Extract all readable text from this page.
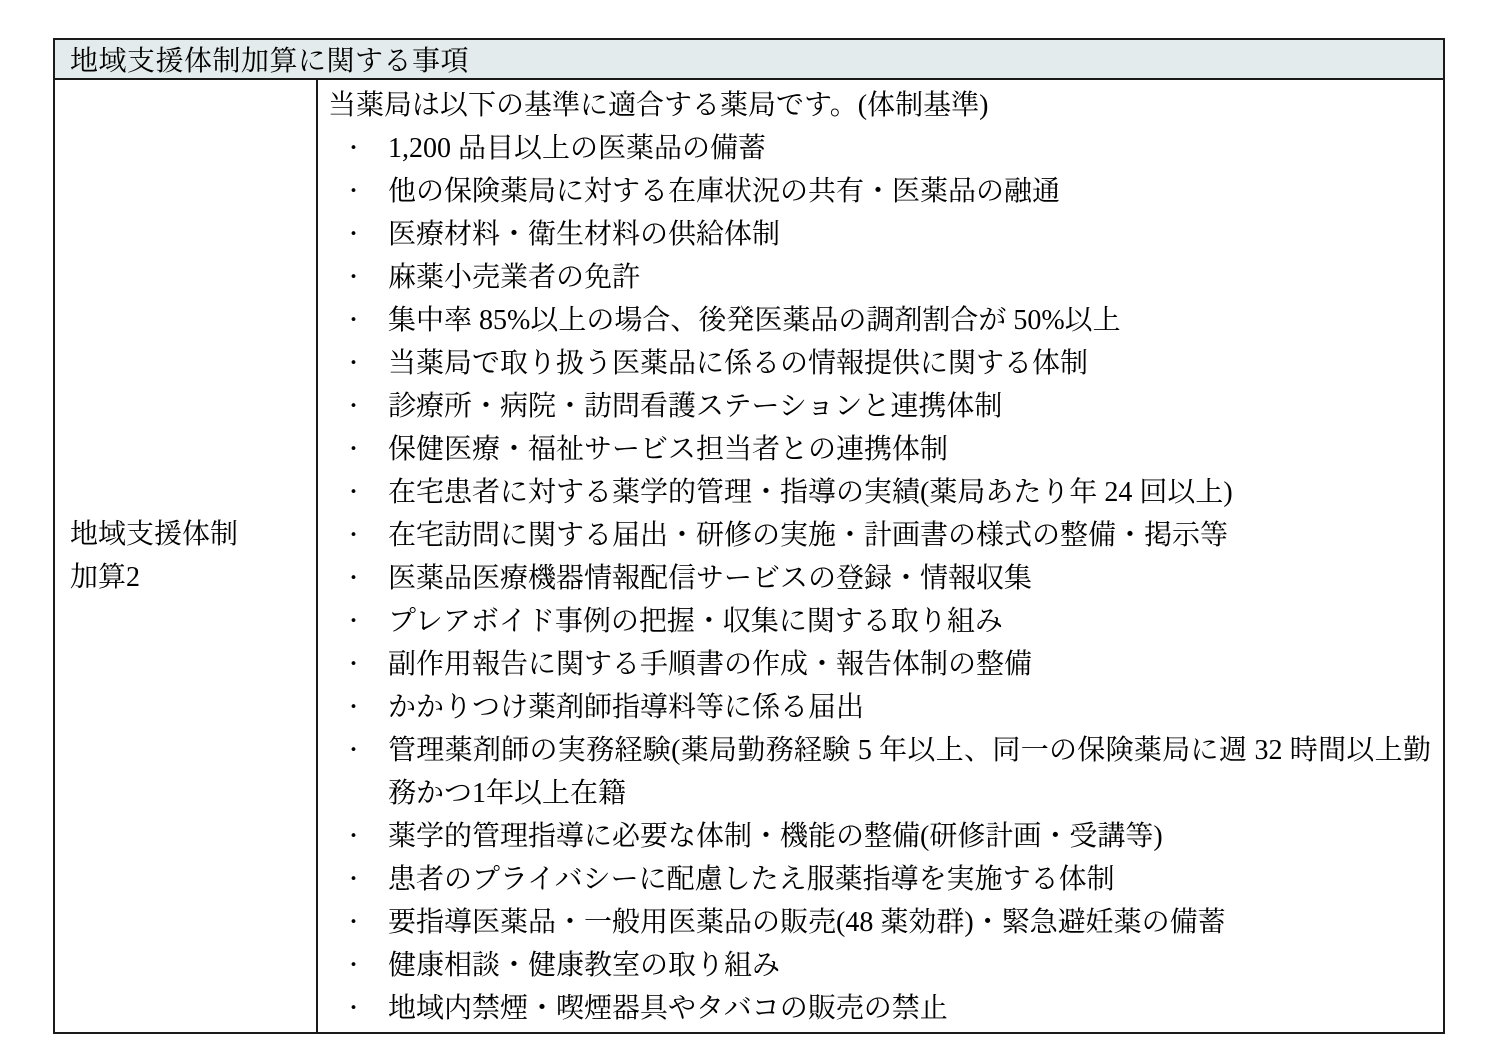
地域支援体制加算に関する事項
地域支援体制
加算2

当薬局は以下の基準に適合する薬局です。(体制基準)

・ 1,200 品目以上の医薬品の備蓄
・ 他の保険薬局に対する在庫状況の共有・医薬品の融通
・ 医療材料・衛生材料の供給体制
・ 麻薬小売業者の免許
・ 集中率 85%以上の場合、後発医薬品の調剤割合が 50%以上
・ 当薬局で取り扱う医薬品に係るの情報提供に関する体制
・ 診療所・病院・訪問看護ステーションと連携体制
・ 保健医療・福祉サービス担当者との連携体制
・ 在宅患者に対する薬学的管理・指導の実績(薬局あたり年 24 回以上)
・ 在宅訪問に関する届出・研修の実施・計画書の様式の整備・掲示等
・ 医薬品医療機器情報配信サービスの登録・情報収集
・ プレアボイド事例の把握・収集に関する取り組み
・ 副作用報告に関する手順書の作成・報告体制の整備
・ かかりつけ薬剤師指導料等に係る届出
・ 管理薬剤師の実務経験(薬局勤務経験 5 年以上、同一の保険薬局に週 32 時間以上勤務かつ1年以上在籍
・ 薬学的管理指導に必要な体制・機能の整備(研修計画・受講等)
・ 患者のプライバシーに配慮したえ服薬指導を実施する体制
・ 要指導医薬品・一般用医薬品の販売(48 薬効群)・緊急避妊薬の備蓄
・ 健康相談・健康教室の取り組み
・ 地域内禁煙・喫煙器具やタバコの販売の禁止
